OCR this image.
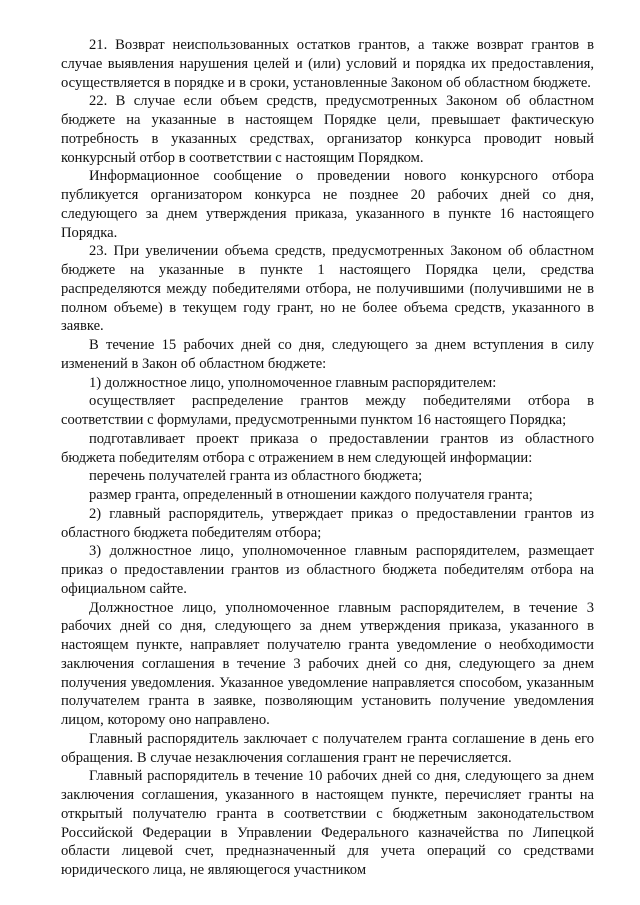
21. Возврат неиспользованных остатков грантов, а также возврат грантов в случае выявления нарушения целей и (или) условий и порядка их предоставления, осуществляется в порядке и в сроки, установленные Законом об областном бюджете.

22. В случае если объем средств, предусмотренных Законом об областном бюджете на указанные в настоящем Порядке цели, превышает фактическую потребность в указанных средствах, организатор конкурса проводит новый конкурсный отбор в соответствии с настоящим Порядком.

Информационное сообщение о проведении нового конкурсного отбора публикуется организатором конкурса не позднее 20 рабочих дней со дня, следующего за днем утверждения приказа, указанного в пункте 16 настоящего Порядка.

23. При увеличении объема средств, предусмотренных Законом об областном бюджете на указанные в пункте 1 настоящего Порядка цели, средства распределяются между победителями отбора, не получившими (получившими не в полном объеме) в текущем году грант, но не более объема средств, указанного в заявке.

В течение 15 рабочих дней со дня, следующего за днем вступления в силу изменений в Закон об областном бюджете:

1) должностное лицо, уполномоченное главным распорядителем:

осуществляет распределение грантов между победителями отбора в соответствии с формулами, предусмотренными пунктом 16 настоящего Порядка;

подготавливает проект приказа о предоставлении грантов из областного бюджета победителям отбора с отражением в нем следующей информации:

перечень получателей гранта из областного бюджета;

размер гранта, определенный в отношении каждого получателя гранта;

2) главный распорядитель, утверждает приказ о предоставлении грантов из областного бюджета победителям отбора;

3) должностное лицо, уполномоченное главным распорядителем, размещает приказ о предоставлении грантов из областного бюджета победителям отбора на официальном сайте.

Должностное лицо, уполномоченное главным распорядителем, в течение 3 рабочих дней со дня, следующего за днем утверждения приказа, указанного в настоящем пункте, направляет получателю гранта уведомление о необходимости заключения соглашения в течение 3 рабочих дней со дня, следующего за днем получения уведомления. Указанное уведомление направляется способом, указанным получателем гранта в заявке, позволяющим установить получение уведомления лицом, которому оно направлено.

Главный распорядитель заключает с получателем гранта соглашение в день его обращения. В случае незаключения соглашения грант не перечисляется.

Главный распорядитель в течение 10 рабочих дней со дня, следующего за днем заключения соглашения, указанного в настоящем пункте, перечисляет гранты на открытый получателю гранта в соответствии с бюджетным законодательством Российской Федерации в Управлении Федерального казначейства по Липецкой области лицевой счет, предназначенный для учета операций со средствами юридического лица, не являющегося участником
